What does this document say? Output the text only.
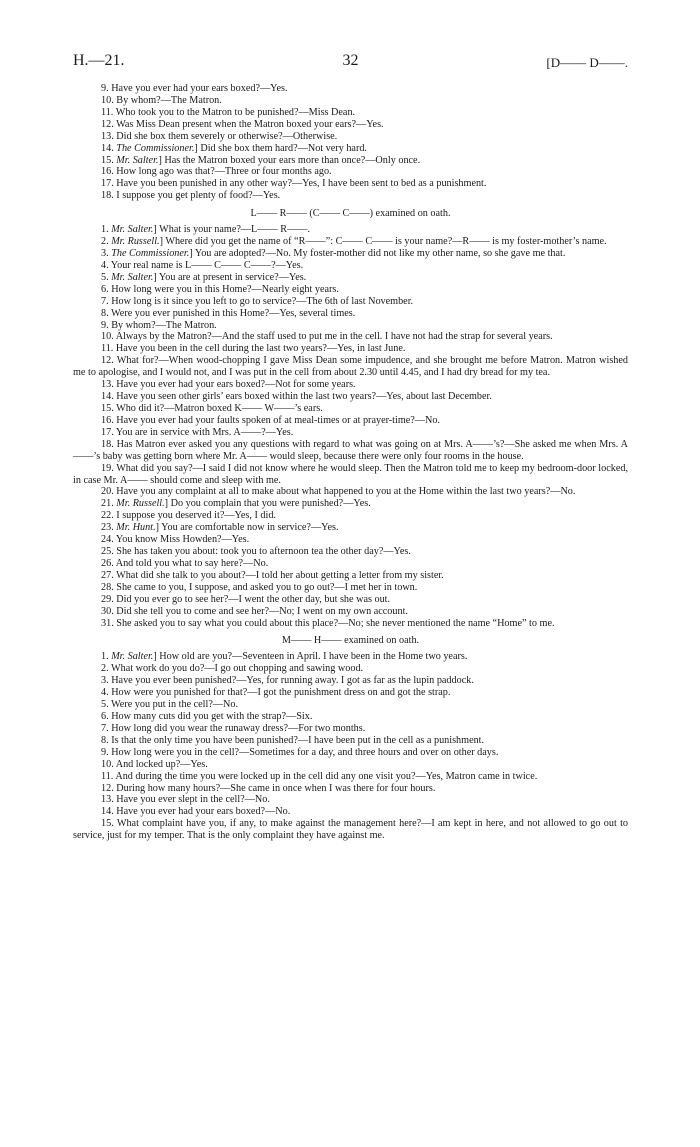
H.—21.	32	[D—— D——.
9. Have you ever had your ears boxed?—Yes.
10. By whom?—The Matron.
11. Who took you to the Matron to be punished?—Miss Dean.
12. Was Miss Dean present when the Matron boxed your ears?—Yes.
13. Did she box them severely or otherwise?—Otherwise.
14. The Commissioner.] Did she box them hard?—Not very hard.
15. Mr. Salter.] Has the Matron boxed your ears more than once?—Only once.
16. How long ago was that?—Three or four months ago.
17. Have you been punished in any other way?—Yes, I have been sent to bed as a punishment.
18. I suppose you get plenty of food?—Yes.
L—— R—— (C—— C——) examined on oath.
1. Mr. Salter.] What is your name?—L—— R——.
2. Mr. Russell.] Where did you get the name of “R——”: C—— C—— is your name?—R—— is my foster-mother’s name.
3. The Commissioner.] You are adopted?—No. My foster-mother did not like my other name, so she gave me that.
4. Your real name is L—— C—— C——?—Yes.
5. Mr. Salter.] You are at present in service?—Yes.
6. How long were you in this Home?—Nearly eight years.
7. How long is it since you left to go to service?—The 6th of last November.
8. Were you ever punished in this Home?—Yes, several times.
9. By whom?—The Matron.
10. Always by the Matron?—And the staff used to put me in the cell. I have not had the strap for several years.
11. Have you been in the cell during the last two years?—Yes, in last June.
12. What for?—When wood-chopping I gave Miss Dean some impudence, and she brought me before Matron. Matron wished me to apologise, and I would not, and I was put in the cell from about 2.30 until 4.45, and I had dry bread for my tea.
13. Have you ever had your ears boxed?—Not for some years.
14. Have you seen other girls’ ears boxed within the last two years?—Yes, about last December.
15. Who did it?—Matron boxed K—— W——’s ears.
16. Have you ever had your faults spoken of at meal-times or at prayer-time?—No.
17. You are in service with Mrs. A——?—Yes.
18. Has Matron ever asked you any questions with regard to what was going on at Mrs. A——’s?—She asked me when Mrs. A——’s baby was getting born where Mr. A—— would sleep, because there were only four rooms in the house.
19. What did you say?—I said I did not know where he would sleep. Then the Matron told me to keep my bedroom-door locked, in case Mr. A—— should come and sleep with me.
20. Have you any complaint at all to make about what happened to you at the Home within the last two years?—No.
21. Mr. Russell.] Do you complain that you were punished?—Yes.
22. I suppose you deserved it?—Yes, I did.
23. Mr. Hunt.] You are comfortable now in service?—Yes.
24. You know Miss Howden?—Yes.
25. She has taken you about: took you to afternoon tea the other day?—Yes.
26. And told you what to say here?—No.
27. What did she talk to you about?—I told her about getting a letter from my sister.
28. She came to you, I suppose, and asked you to go out?—I met her in town.
29. Did you ever go to see her?—I went the other day, but she was out.
30. Did she tell you to come and see her?—No; I went on my own account.
31. She asked you to say what you could about this place?—No; she never mentioned the name “Home” to me.
M—— H—— examined on oath.
1. Mr. Salter.] How old are you?—Seventeen in April. I have been in the Home two years.
2. What work do you do?—I go out chopping and sawing wood.
3. Have you ever been punished?—Yes, for running away. I got as far as the lupin paddock.
4. How were you punished for that?—I got the punishment dress on and got the strap.
5. Were you put in the cell?—No.
6. How many cuts did you get with the strap?—Six.
7. How long did you wear the runaway dress?—For two months.
8. Is that the only time you have been punished?—I have been put in the cell as a punishment.
9. How long were you in the cell?—Sometimes for a day, and three hours and over on other days.
10. And locked up?—Yes.
11. And during the time you were locked up in the cell did any one visit you?—Yes, Matron came in twice.
12. During how many hours?—She came in once when I was there for four hours.
13. Have you ever slept in the cell?—No.
14. Have you ever had your ears boxed?—No.
15. What complaint have you, if any, to make against the management here?—I am kept in here, and not allowed to go out to service, just for my temper. That is the only complaint they have against me.
